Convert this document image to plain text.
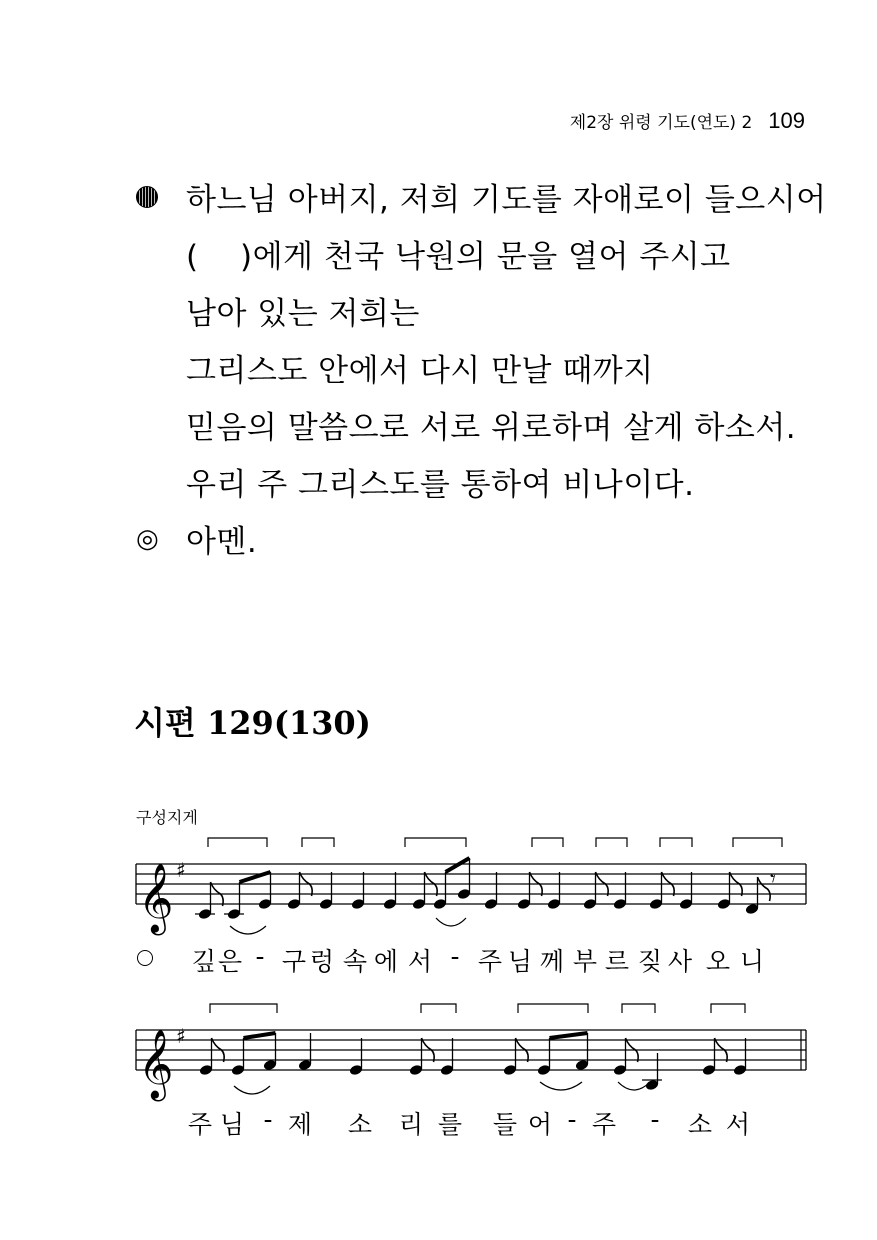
제2장 위령 기도(연도) 2 109
하느님 아버지, 저희 기도를 자애로이 들으시어
(    )에게 천국 낙원의 문을 열어 주시고
남아 있는 저희는
그리스도 안에서 다시 만날 때까지
믿음의 말씀으로 서로 위로하며 살게 하소서.
우리 주 그리스도를 통하여 비나이다.
◎ 아멘.
시편 129(130)
구성지게
𝄞 ♯	𝄾
𝄞 ♯
깊 은 - 구 렁 속 에 서 - 주 님 께 부 르 짖 사 오 니
주 님 - 제 소 리 를 들 어 - 주 - 소 서
